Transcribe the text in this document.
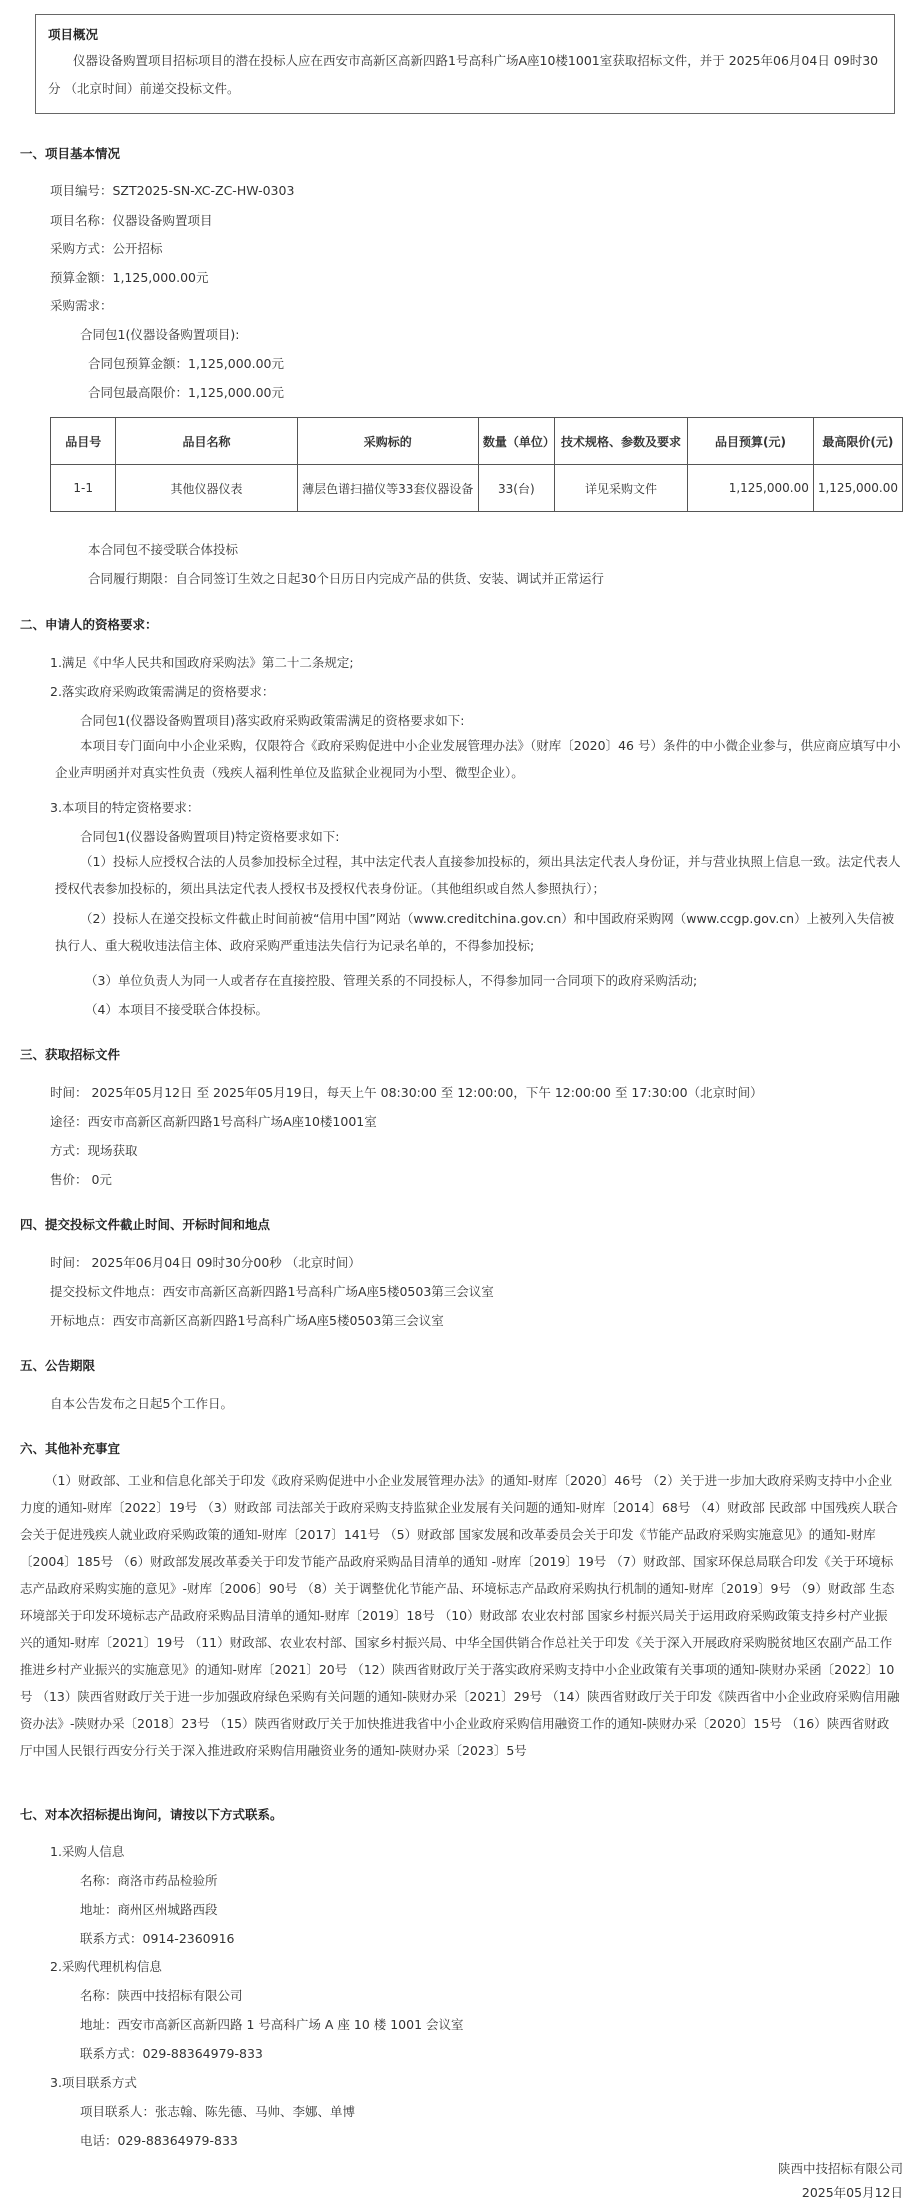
项目概况
仪器设备购置项目招标项目的潜在投标人应在西安市高新区高新四路1号高科广场A座10楼1001室获取招标文件，并于 2025年06月04日 09时30分 （北京时间）前递交投标文件。
一、项目基本情况
项目编号：SZT2025-SN-XC-ZC-HW-0303
项目名称：仪器设备购置项目
采购方式：公开招标
预算金额：1,125,000.00元
采购需求：
合同包1(仪器设备购置项目):
合同包预算金额：1,125,000.00元
合同包最高限价：1,125,000.00元
品目号	品目名称	采购标的	数量（单位）	技术规格、参数及要求	品目预算(元)	最高限价(元)
1-1	其他仪器仪表	薄层色谱扫描仪等33套仪器设备	33(台)	详见采购文件	1,125,000.00	1,125,000.00
本合同包不接受联合体投标
合同履行期限：自合同签订生效之日起30个日历日内完成产品的供货、安装、调试并正常运行
二、申请人的资格要求：
1.满足《中华人民共和国政府采购法》第二十二条规定;
2.落实政府采购政策需满足的资格要求：
合同包1(仪器设备购置项目)落实政府采购政策需满足的资格要求如下:
本项目专门面向中小企业采购，仅限符合《政府采购促进中小企业发展管理办法》（财库〔2020〕46 号）条件的中小微企业参与，供应商应填写中小企业声明函并对真实性负责（残疾人福利性单位及监狱企业视同为小型、微型企业）。
3.本项目的特定资格要求：
合同包1(仪器设备购置项目)特定资格要求如下:
（1）投标人应授权合法的人员参加投标全过程，其中法定代表人直接参加投标的，须出具法定代表人身份证，并与营业执照上信息一致。法定代表人授权代表参加投标的，须出具法定代表人授权书及授权代表身份证。（其他组织或自然人参照执行）；
（2）投标人在递交投标文件截止时间前被“信用中国”网站（www.creditchina.gov.cn）和中国政府采购网（www.ccgp.gov.cn）上被列入失信被执行人、重大税收违法信主体、政府采购严重违法失信行为记录名单的，不得参加投标;
（3）单位负责人为同一人或者存在直接控股、管理关系的不同投标人，不得参加同一合同项下的政府采购活动;
（4）本项目不接受联合体投标。
三、获取招标文件
时间： 2025年05月12日 至 2025年05月19日，每天上午 08:30:00 至 12:00:00，下午 12:00:00 至 17:30:00（北京时间）
途径：西安市高新区高新四路1号高科广场A座10楼1001室
方式：现场获取
售价： 0元
四、提交投标文件截止时间、开标时间和地点
时间： 2025年06月04日 09时30分00秒 （北京时间）
提交投标文件地点：西安市高新区高新四路1号高科广场A座5楼0503第三会议室
开标地点：西安市高新区高新四路1号高科广场A座5楼0503第三会议室
五、公告期限
自本公告发布之日起5个工作日。
六、其他补充事宜
（1）财政部、工业和信息化部关于印发《政府采购促进中小企业发展管理办法》的通知-财库〔2020〕46号 （2）关于进一步加大政府采购支持中小企业力度的通知-财库〔2022〕19号 （3）财政部 司法部关于政府采购支持监狱企业发展有关问题的通知-财库〔2014〕68号 （4）财政部 民政部 中国残疾人联合会关于促进残疾人就业政府采购政策的通知-财库〔2017〕141号 （5）财政部 国家发展和改革委员会关于印发《节能产品政府采购实施意见》的通知-财库〔2004〕185号 （6）财政部发展改革委关于印发节能产品政府采购品目清单的通知 -财库〔2019〕19号 （7）财政部、国家环保总局联合印发《关于环境标志产品政府采购实施的意见》-财库〔2006〕90号 （8）关于调整优化节能产品、环境标志产品政府采购执行机制的通知-财库〔2019〕9号 （9）财政部 生态环境部关于印发环境标志产品政府采购品目清单的通知-财库〔2019〕18号 （10）财政部 农业农村部 国家乡村振兴局关于运用政府采购政策支持乡村产业振兴的通知-财库〔2021〕19号 （11）财政部、农业农村部、国家乡村振兴局、中华全国供销合作总社关于印发《关于深入开展政府采购脱贫地区农副产品工作推进乡村产业振兴的实施意见》的通知-财库〔2021〕20号 （12）陕西省财政厅关于落实政府采购支持中小企业政策有关事项的通知-陕财办采函〔2022〕10号 （13）陕西省财政厅关于进一步加强政府绿色采购有关问题的通知-陕财办采〔2021〕29号 （14）陕西省财政厅关于印发《陕西省中小企业政府采购信用融资办法》-陕财办采〔2018〕23号 （15）陕西省财政厅关于加快推进我省中小企业政府采购信用融资工作的通知-陕财办采〔2020〕15号 （16）陕西省财政厅中国人民银行西安分行关于深入推进政府采购信用融资业务的通知-陕财办采〔2023〕5号
七、对本次招标提出询问，请按以下方式联系。
1.采购人信息
名称：商洛市药品检验所
地址：商州区州城路西段
联系方式：0914-2360916
2.采购代理机构信息
名称：陕西中技招标有限公司
地址：西安市高新区高新四路 1 号高科广场 A 座 10 楼 1001 会议室
联系方式：029-88364979-833
3.项目联系方式
项目联系人：张志翰、陈先德、马帅、李娜、单博
电话：029-88364979-833
陕西中技招标有限公司
2025年05月12日
